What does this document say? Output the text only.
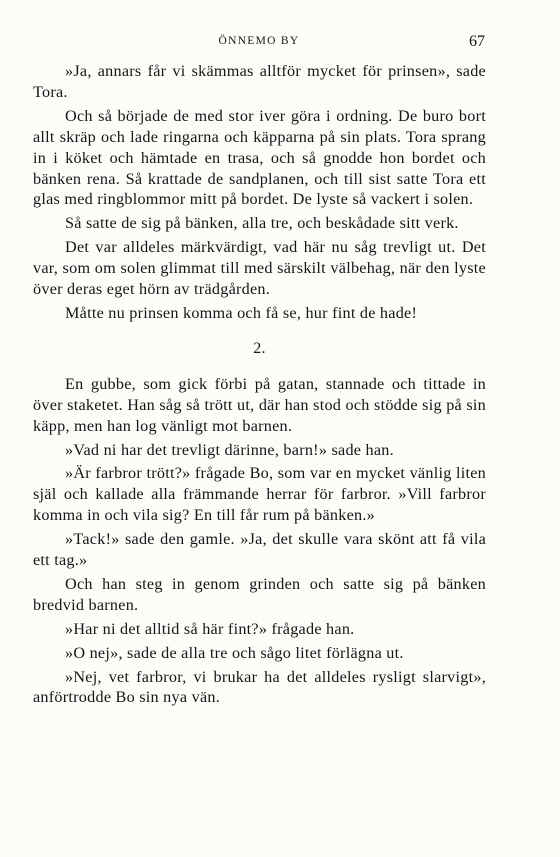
ÖNNEMO BY	67

»Ja, annars får vi skämmas alltför mycket för prinsen», sade Tora.

Och så började de med stor iver göra i ordning. De buro bort allt skräp och lade ringarna och käpparna på sin plats. Tora sprang in i köket och hämtade en trasa, och så gnodde hon bordet och bänken rena. Så krattade de sandplanen, och till sist satte Tora ett glas med ringblommor mitt på bordet. De lyste så vackert i solen.

Så satte de sig på bänken, alla tre, och beskådade sitt verk.

Det var alldeles märkvärdigt, vad här nu såg trevligt ut. Det var, som om solen glimmat till med särskilt välbehag, när den lyste över deras eget hörn av trädgården.

Måtte nu prinsen komma och få se, hur fint de hade!

2.

En gubbe, som gick förbi på gatan, stannade och tittade in över staketet. Han såg så trött ut, där han stod och stödde sig på sin käpp, men han log vänligt mot barnen.

»Vad ni har det trevligt därinne, barn!» sade han.

»Är farbror trött?» frågade Bo, som var en mycket vänlig liten själ och kallade alla främmande herrar för farbror. »Vill farbror komma in och vila sig? En till får rum på bänken.»

»Tack!» sade den gamle. »Ja, det skulle vara skönt att få vila ett tag.»

Och han steg in genom grinden och satte sig på bänken bredvid barnen.

»Har ni det alltid så här fint?» frågade han.

»O nej», sade de alla tre och sågo litet förlägna ut.

»Nej, vet farbror, vi brukar ha det alldeles rysligt slarvigt», anförtrodde Bo sin nya vän.
